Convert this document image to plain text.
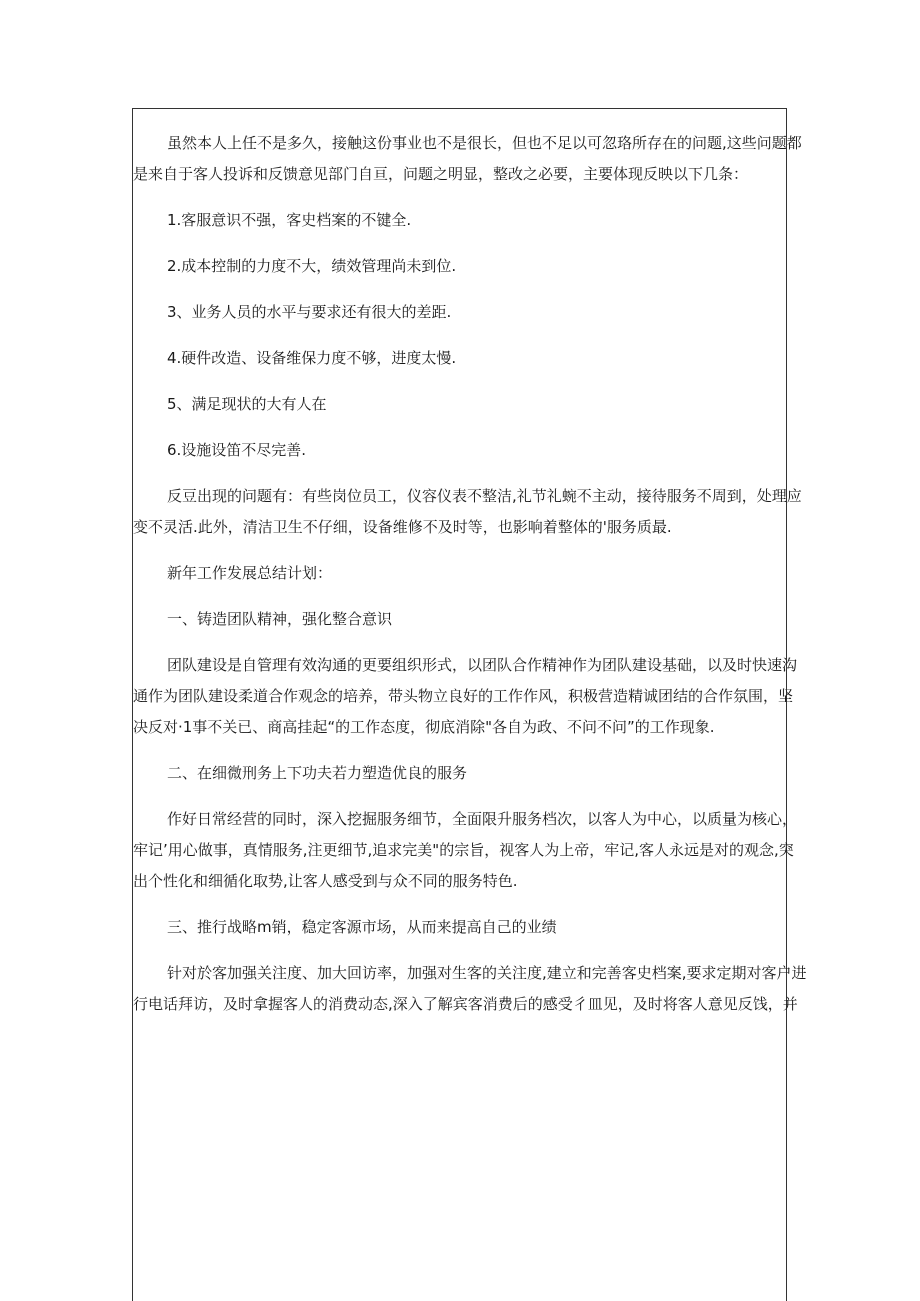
虽然本人上任不是多久，接触这份事业也不是很长，但也不足以可忽珞所存在的问题,这些问题都

是来自于客人投诉和反馈意见部门自亘，问题之明显，整改之必要，主要体现反映以下几条：

1.客服意识不强，客史档案的不键全.

2.成本控制的力度不大，绩效管理尚未到位.

3、业务人员的水平与要求还有很大的差距.

4.硬件改造、设备维保力度不够，进度太慢.

5、满足现状的大有人在

6.设施设笛不尽完善.

反豆出现的问题有：有些岗位员工，仪容仪表不整洁,礼节礼蜿不主动，接待服务不周到，处理应

变不灵活.此外，清洁卫生不仔细，设备维修不及时等，也影响着整体的'服务质最.

新年工作发展总结计划：

一、铸造团队精神，强化整合意识

团队建设是自管理有效沟通的更要组织形式，以团队合作精神作为团队建设基础，以及时快速沟

通作为团队建设柔道合作观念的培养，带头物立良好的工作作风，积极营造精诚团结的合作氛围，坚

决反对·1事不关已、商高挂起“的工作态度，彻底消除"各自为政、不问不问”的工作现象.

二、在细微刑务上下功夫若力塑造优良的服务

作好日常经营的同时，深入挖掘服务细节，全面限升服务档次，以客人为中心，以质量为核心，

牢记’用心做事，真情服务,注更细节,追求完美"的宗旨，视客人为上帝，牢记,客人永远是对的观念,突

出个性化和细循化取势,让客人感受到与众不同的服务特色.

三、推行战略m销，稳定客源市场，从而来提高自己的业绩

针对於客加强关注度、加大回访率，加强对生客的关注度,建立和完善客史档案,要求定期对客户进

行电话拜访，及时拿握客人的消费动态,深入了解宾客消费后的感受彳皿见，及时将客人意见反饯，并
